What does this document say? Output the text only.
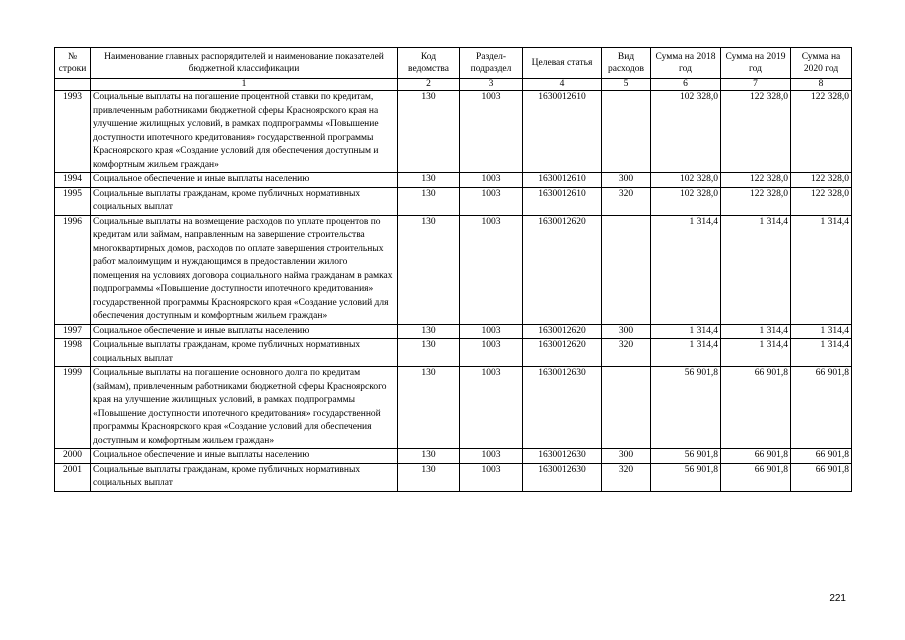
№ строки	Наименование главных распорядителей и наименование показателей бюджетной классификации	Код ведомства	Раздел-подраздел	Целевая статья	Вид расходов	Сумма на 2018 год	Сумма на 2019 год	Сумма на 2020 год
	1	2	3	4	5	6	7	8
1993	Социальные выплаты на погашение процентной ставки по кредитам, привлеченным работниками бюджетной сферы Красноярского края на улучшение жилищных условий, в рамках подпрограммы «Повышение доступности ипотечного кредитования» государственной программы Красноярского края «Создание условий для обеспечения доступным и комфортным жильем граждан»	130	1003	1630012610		102 328,0	122 328,0	122 328,0
1994	Социальное обеспечение и иные выплаты населению	130	1003	1630012610	300	102 328,0	122 328,0	122 328,0
1995	Социальные выплаты гражданам, кроме публичных нормативных социальных выплат	130	1003	1630012610	320	102 328,0	122 328,0	122 328,0
1996	Социальные выплаты на возмещение расходов по уплате процентов по кредитам или займам, направленным на завершение строительства многоквартирных домов, расходов по оплате завершения строительных работ малоимущим и нуждающимся в предоставлении жилого помещения на условиях договора социального найма гражданам в рамках подпрограммы «Повышение доступности ипотечного кредитования» государственной программы Красноярского края «Создание условий для обеспечения доступным и комфортным жильем граждан»	130	1003	1630012620		1 314,4	1 314,4	1 314,4
1997	Социальное обеспечение и иные выплаты населению	130	1003	1630012620	300	1 314,4	1 314,4	1 314,4
1998	Социальные выплаты гражданам, кроме публичных нормативных социальных выплат	130	1003	1630012620	320	1 314,4	1 314,4	1 314,4
1999	Социальные выплаты на погашение основного долга по кредитам (займам), привлеченным работниками бюджетной сферы Красноярского края на улучшение жилищных условий, в рамках подпрограммы «Повышение доступности ипотечного кредитования» государственной программы Красноярского края «Создание условий для обеспечения доступным и комфортным жильем граждан»	130	1003	1630012630		56 901,8	66 901,8	66 901,8
2000	Социальное обеспечение и иные выплаты населению	130	1003	1630012630	300	56 901,8	66 901,8	66 901,8
2001	Социальные выплаты гражданам, кроме публичных нормативных социальных выплат	130	1003	1630012630	320	56 901,8	66 901,8	66 901,8
221
